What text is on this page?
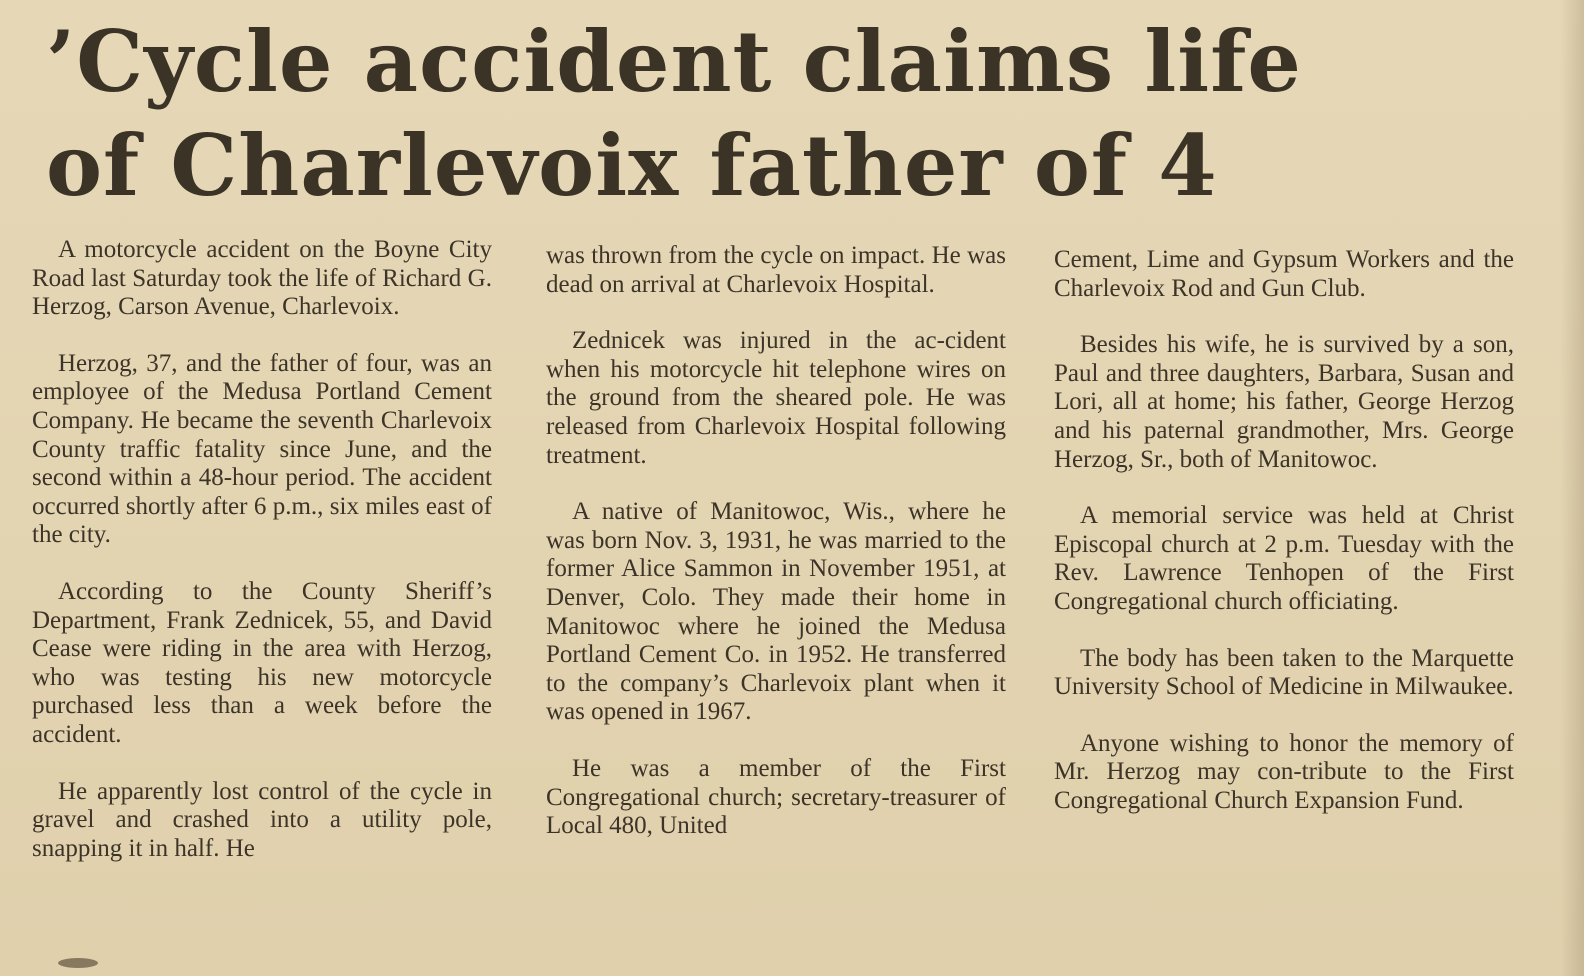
’Cycle accident claims life
of Charlevoix father of 4

A motorcycle accident on the Boyne City Road last Saturday took the life of Richard G. Herzog, Carson Avenue, Charlevoix.

Herzog, 37, and the father of four, was an employee of the Medusa Portland Cement Company. He became the seventh Charlevoix County traffic fatality since June, and the second within a 48-hour period. The accident occurred shortly after 6 p.m., six miles east of the city.

According to the County Sheriff’s Department, Frank Zednicek, 55, and David Cease were riding in the area with Herzog, who was testing his new motorcycle purchased less than a week before the accident.

He apparently lost control of the cycle in gravel and crashed into a utility pole, snapping it in half. He

was thrown from the cycle on impact. He was dead on arrival at Charlevoix Hospital.

Zednicek was injured in the ac-cident when his motorcycle hit telephone wires on the ground from the sheared pole. He was released from Charlevoix Hospital following treatment.

A native of Manitowoc, Wis., where he was born Nov. 3, 1931, he was married to the former Alice Sammon in November 1951, at Denver, Colo. They made their home in Manitowoc where he joined the Medusa Portland Cement Co. in 1952. He transferred to the company’s Charlevoix plant when it was opened in 1967.

He was a member of the First Congregational church; secretary-treasurer of Local 480, United

Cement, Lime and Gypsum Workers and the Charlevoix Rod and Gun Club.

Besides his wife, he is survived by a son, Paul and three daughters, Barbara, Susan and Lori, all at home; his father, George Herzog and his paternal grandmother, Mrs. George Herzog, Sr., both of Manitowoc.

A memorial service was held at Christ Episcopal church at 2 p.m. Tuesday with the Rev. Lawrence Tenhopen of the First Congregational church officiating.

The body has been taken to the Marquette University School of Medicine in Milwaukee.

Anyone wishing to honor the memory of Mr. Herzog may con-tribute to the First Congregational Church Expansion Fund.
